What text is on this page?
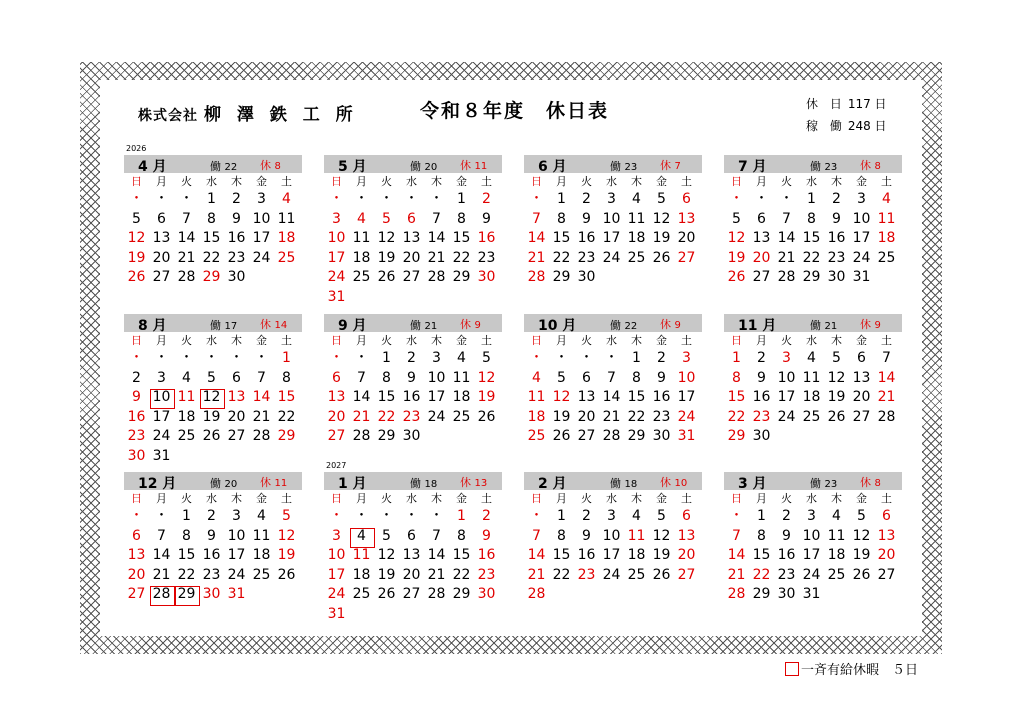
株式会社 柳 澤 鉄 工 所	令和８年度　休日表	休 日 117 日
稼 働 248 日
2026
2027
4 月	働 22 休 8
日	月	火	水	木	金	土
・ ・ ・ 1	2	3	4
5	6	7	8	9 10 11
12 13 14 15 16 17 18
19 20 21 22 23 24 25
26 27 28 29 30
5 月	働 20 休 11
日	月	火	水	木	金	土
・ ・ ・ ・ ・ 1	2
3	4	5	6	7	8	9
10 11 12 13 14 15 16
17 18 19 20 21 22 23
24 25 26 27 28 29 30
31
6 月	働 23 休 7
日	月	火	水	木	金	土
・ 1	2	3	4	5	6
7	8	9 10 11 12 13
14 15 16 17 18 19 20
21 22 23 24 25 26 27
28 29 30
7 月	働 23 休 8
日	月	火	水	木	金	土
・ ・ ・ 1	2	3	4
5	6	7	8	9 10 11
12 13 14 15 16 17 18
19 20 21 22 23 24 25
26 27 28 29 30 31
8 月	働 17 休 14
日	月	火	水	木	金	土
・ ・ ・ ・ ・ ・ 1
2	3	4	5	6	7	8
9 10 11 12 13 14 15
16 17 18 19 20 21 22
23 24 25 26 27 28 29
30 31
9 月	働 21 休 9
日	月	火	水	木	金	土
・ ・ 1	2	3	4	5
6	7	8	9 10 11 12
13 14 15 16 17 18 19
20 21 22 23 24 25 26
27 28 29 30
10 月	働 22 休 9
日	月	火	水	木	金	土
・ ・ ・ ・ 1	2	3
4	5	6	7	8	9 10
11 12 13 14 15 16 17
18 19 20 21 22 23 24
25 26 27 28 29 30 31
11 月	働 21 休 9
日	月	火	水	木	金	土
1	2	3	4	5	6	7
8	9 10 11 12 13 14
15 16 17 18 19 20 21
22 23 24 25 26 27 28
29 30
12 月	働 20 休 11
日	月	火	水	木	金	土
・ ・ 1	2	3	4	5
6	7	8	9 10 11 12
13 14 15 16 17 18 19
20 21 22 23 24 25 26
27 28 29 30 31
1 月	働 18 休 13
日	月	火	水	木	金	土
・ ・ ・ ・ ・ 1	2
3	4	5	6	7	8	9
10 11 12 13 14 15 16
17 18 19 20 21 22 23
24 25 26 27 28 29 30
31
2 月	働 18 休 10
日	月	火	水	木	金	土
・ 1	2	3	4	5	6
7	8	9 10 11 12 13
14 15 16 17 18 19 20
21 22 23 24 25 26 27
28
3 月	働 23 休 8
日	月	火	水	木	金	土
・ 1	2	3	4	5	6
7	8	9 10 11 12 13
14 15 16 17 18 19 20
21 22 23 24 25 26 27
28 29 30 31
一斉有給休暇　５日
